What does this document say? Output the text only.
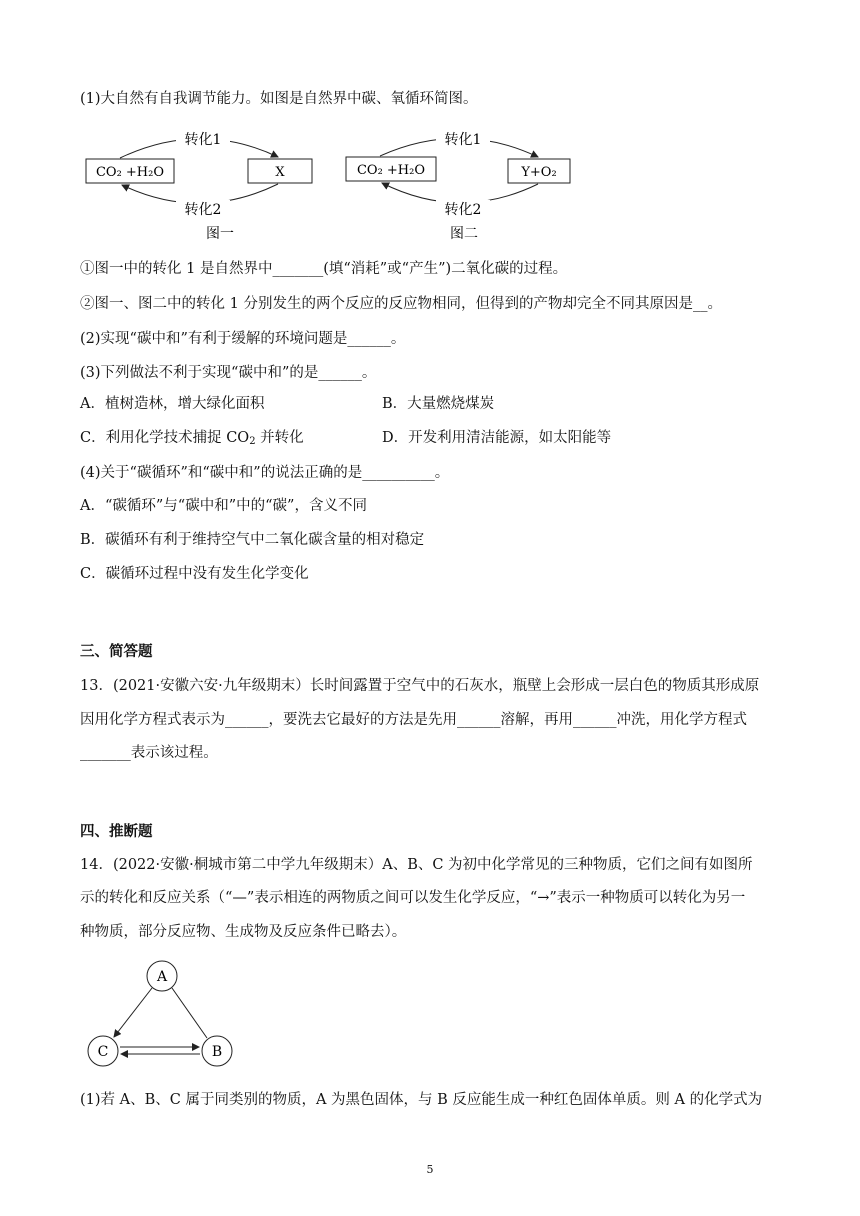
(1)大自然有自我调节能力。如图是自然界中碳、氧循环简图。
CO₂ +H₂O	X
转化1
转化2
图一
CO₂ +H₂O	Y+O₂
转化1
转化2
图二
①图一中的转化 1 是自然界中_______(填“消耗”或“产生”)二氧化碳的过程。
②图一、图二中的转化 1 分别发生的两个反应的反应物相同，但得到的产物却完全不同其原因是__。
(2)实现“碳中和”有利于缓解的环境问题是______。
(3)下列做法不利于实现“碳中和”的是______。
A．植树造林，增大绿化面积	B．大量燃烧煤炭
C．利用化学技术捕捉 $CO_2$ 并转化	D．开发利用清洁能源，如太阳能等
(4)关于“碳循环”和“碳中和”的说法正确的是__________。
A．“碳循环”与“碳中和”中的“碳”，含义不同
B．碳循环有利于维持空气中二氧化碳含量的相对稳定
C．碳循环过程中没有发生化学变化
三、简答题
13．(2021·安徽六安·九年级期末）长时间露置于空气中的石灰水，瓶壁上会形成一层白色的物质其形成原
因用化学方程式表示为______，要洗去它最好的方法是先用______溶解，再用______冲洗，用化学方程式
_______表示该过程。
四、推断题
14．(2022·安徽·桐城市第二中学九年级期末）A、B、C 为初中化学常见的三种物质，它们之间有如图所
示的转化和反应关系（“—”表示相连的两物质之间可以发生化学反应，“→”表示一种物质可以转化为另一
种物质，部分反应物、生成物及反应条件已略去）。
A
C	B
(1)若 A、B、C 属于同类别的物质，A 为黑色固体，与 B 反应能生成一种红色固体单质。则 A 的化学式为
5
